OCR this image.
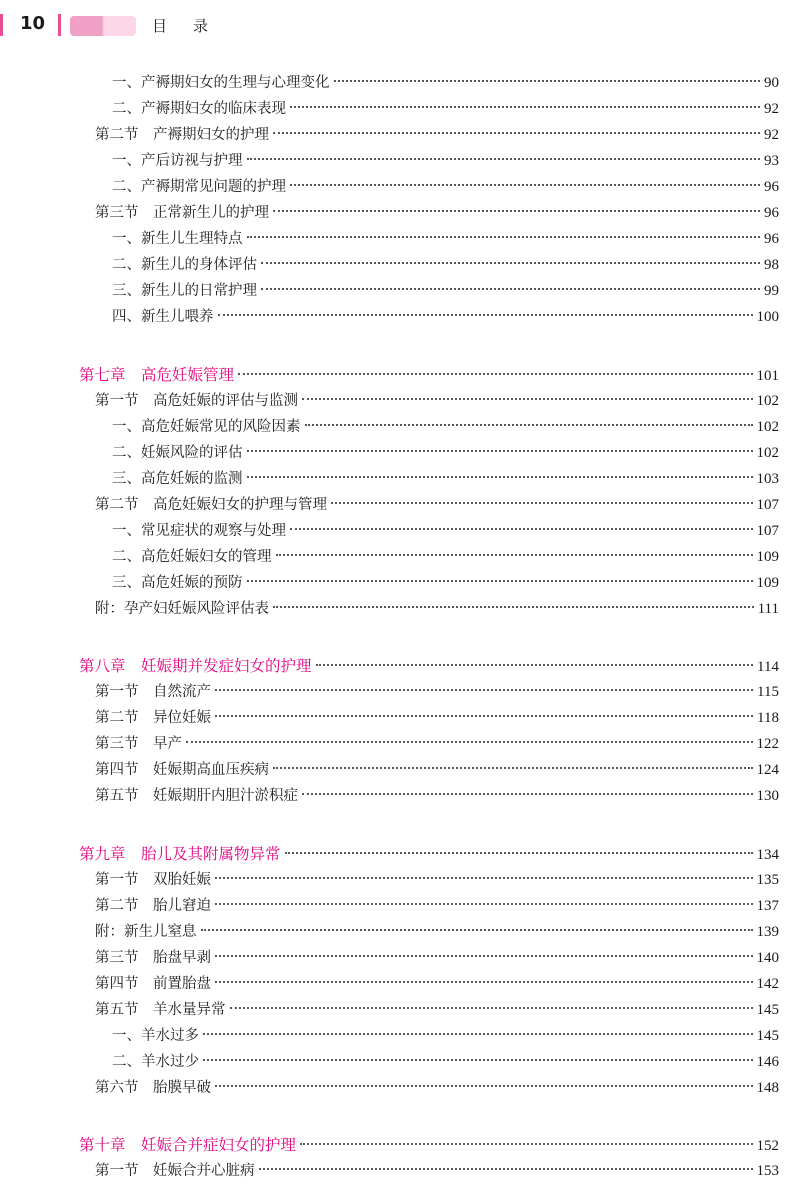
10	目录
一、产褥期妇女的生理与心理变化	90
二、产褥期妇女的临床表现	92
第二节　产褥期妇女的护理	92
一、产后访视与护理	93
二、产褥期常见问题的护理	96
第三节　正常新生儿的护理	96
一、新生儿生理特点	96
二、新生儿的身体评估	98
三、新生儿的日常护理	99
四、新生儿喂养	100
第七章　高危妊娠管理	101
第一节　高危妊娠的评估与监测	102
一、高危妊娠常见的风险因素	102
二、妊娠风险的评估	102
三、高危妊娠的监测	103
第二节　高危妊娠妇女的护理与管理	107
一、常见症状的观察与处理	107
二、高危妊娠妇女的管理	109
三、高危妊娠的预防	109
附：孕产妇妊娠风险评估表	111
第八章　妊娠期并发症妇女的护理	114
第一节　自然流产	115
第二节　异位妊娠	118
第三节　早产	122
第四节　妊娠期高血压疾病	124
第五节　妊娠期肝内胆汁淤积症	130
第九章　胎儿及其附属物异常	134
第一节　双胎妊娠	135
第二节　胎儿窘迫	137
附：新生儿窒息	139
第三节　胎盘早剥	140
第四节　前置胎盘	142
第五节　羊水量异常	145
一、羊水过多	145
二、羊水过少	146
第六节　胎膜早破	148
第十章　妊娠合并症妇女的护理	152
第一节　妊娠合并心脏病	153
